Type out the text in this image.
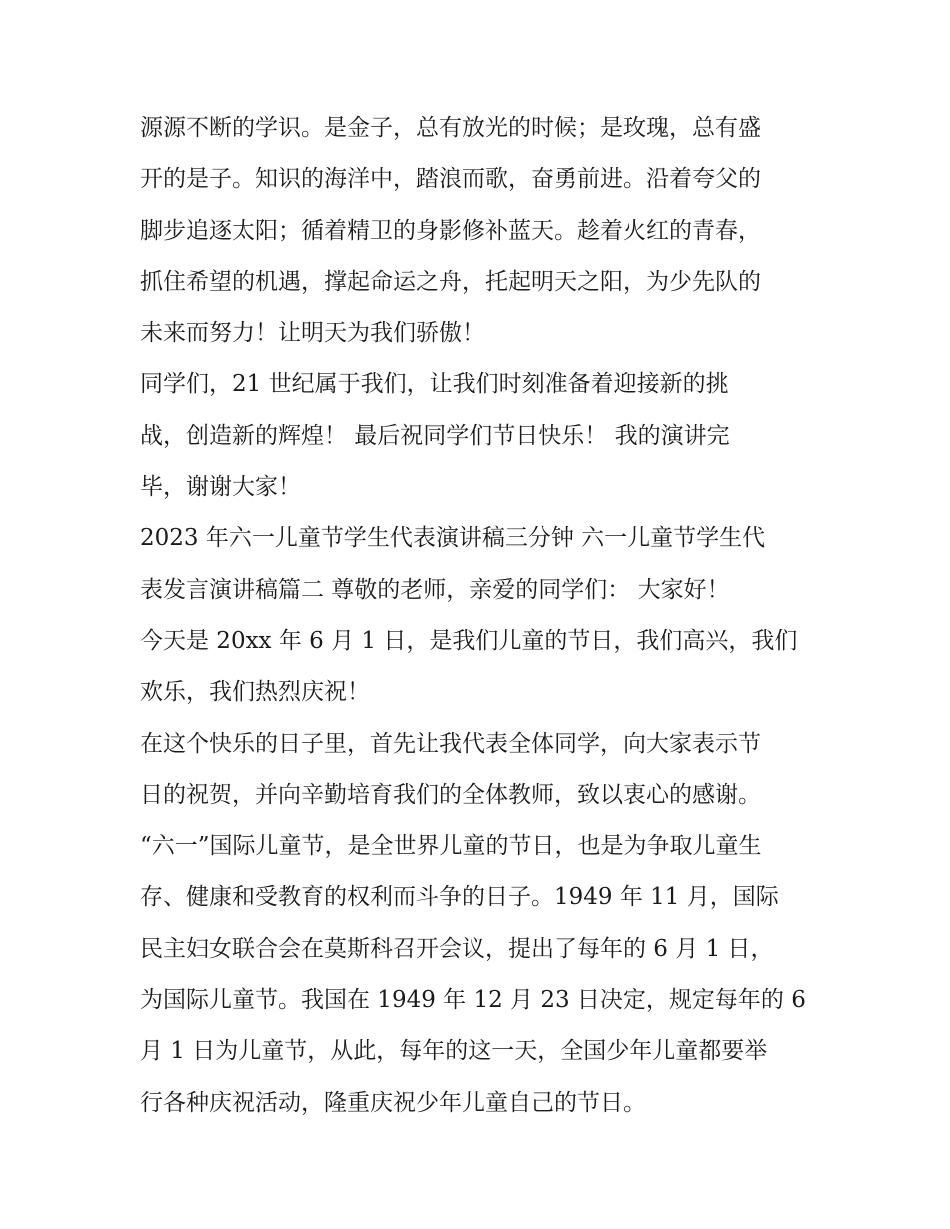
源源不断的学识。是金子，总有放光的时候；是玫瑰，总有盛
开的是子。知识的海洋中，踏浪而歌，奋勇前进。沿着夸父的
脚步追逐太阳；循着精卫的身影修补蓝天。趁着火红的青春，
抓住希望的机遇，撑起命运之舟，托起明天之阳，为少先队的
未来而努力！让明天为我们骄傲！
同学们，21 世纪属于我们，让我们时刻准备着迎接新的挑
战，创造新的辉煌！ 最后祝同学们节日快乐！ 我的演讲完
毕，谢谢大家！
2023 年六一儿童节学生代表演讲稿三分钟 六一儿童节学生代
表发言演讲稿篇二 尊敬的老师，亲爱的同学们： 大家好！
今天是 20xx 年 6 月 1 日，是我们儿童的节日，我们高兴，我们
欢乐，我们热烈庆祝！
在这个快乐的日子里，首先让我代表全体同学，向大家表示节
日的祝贺，并向辛勤培育我们的全体教师，致以衷心的感谢。
“六一”国际儿童节，是全世界儿童的节日，也是为争取儿童生
存、健康和受教育的权利而斗争的日子。1949 年 11 月，国际
民主妇女联合会在莫斯科召开会议，提出了每年的 6 月 1 日，
为国际儿童节。我国在 1949 年 12 月 23 日决定，规定每年的 6
月 1 日为儿童节，从此，每年的这一天，全国少年儿童都要举
行各种庆祝活动，隆重庆祝少年儿童自己的节日。
